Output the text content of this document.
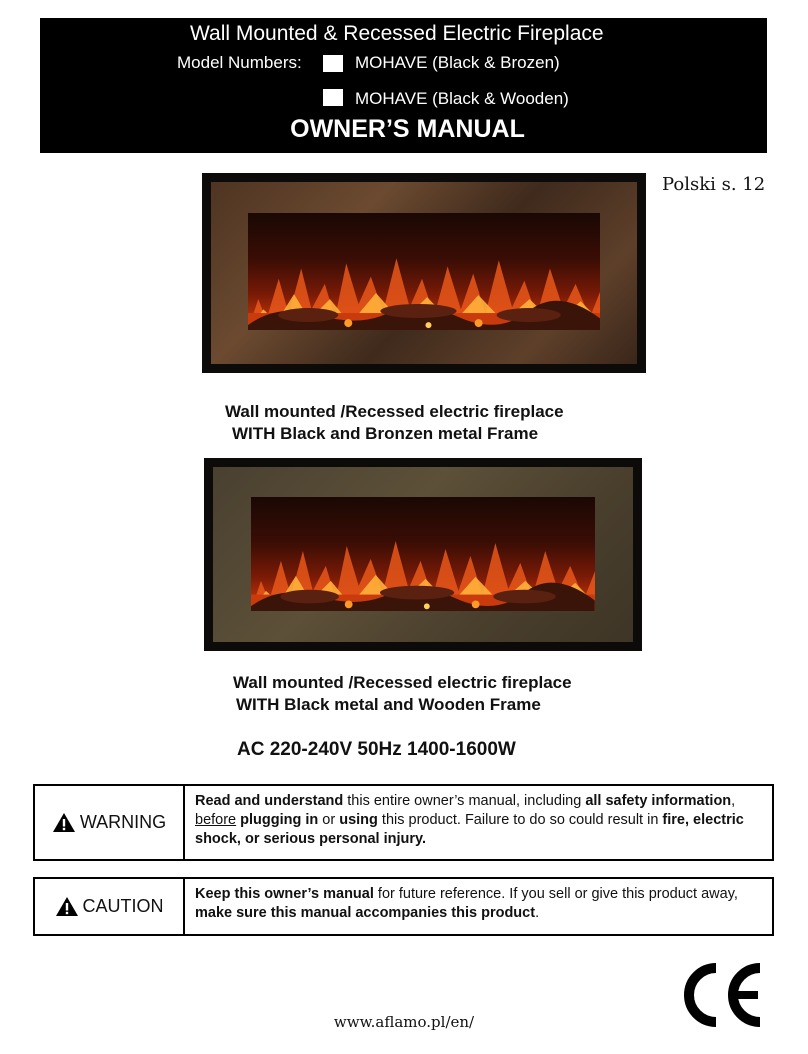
Wall Mounted & Recessed Electric Fireplace
Model Numbers:	MOHAVE (Black & Brozen)
MOHAVE (Black & Wooden)
OWNER’S MANUAL
Polski s. 12
Wall mounted /Recessed electric fireplace
WITH Black and Bronzen metal Frame
Wall mounted /Recessed electric fireplace
WITH Black metal and Wooden Frame
AC 220-240V 50Hz 1400-1600W
WARNING
Read and understand this entire owner’s manual, including all safety information, before plugging in or using this product. Failure to do so could result in fire, electric shock, or serious personal injury.
CAUTION
Keep this owner’s manual for future reference. If you sell or give this product away, make sure this manual accompanies this product.
www.aflamo.pl/en/
